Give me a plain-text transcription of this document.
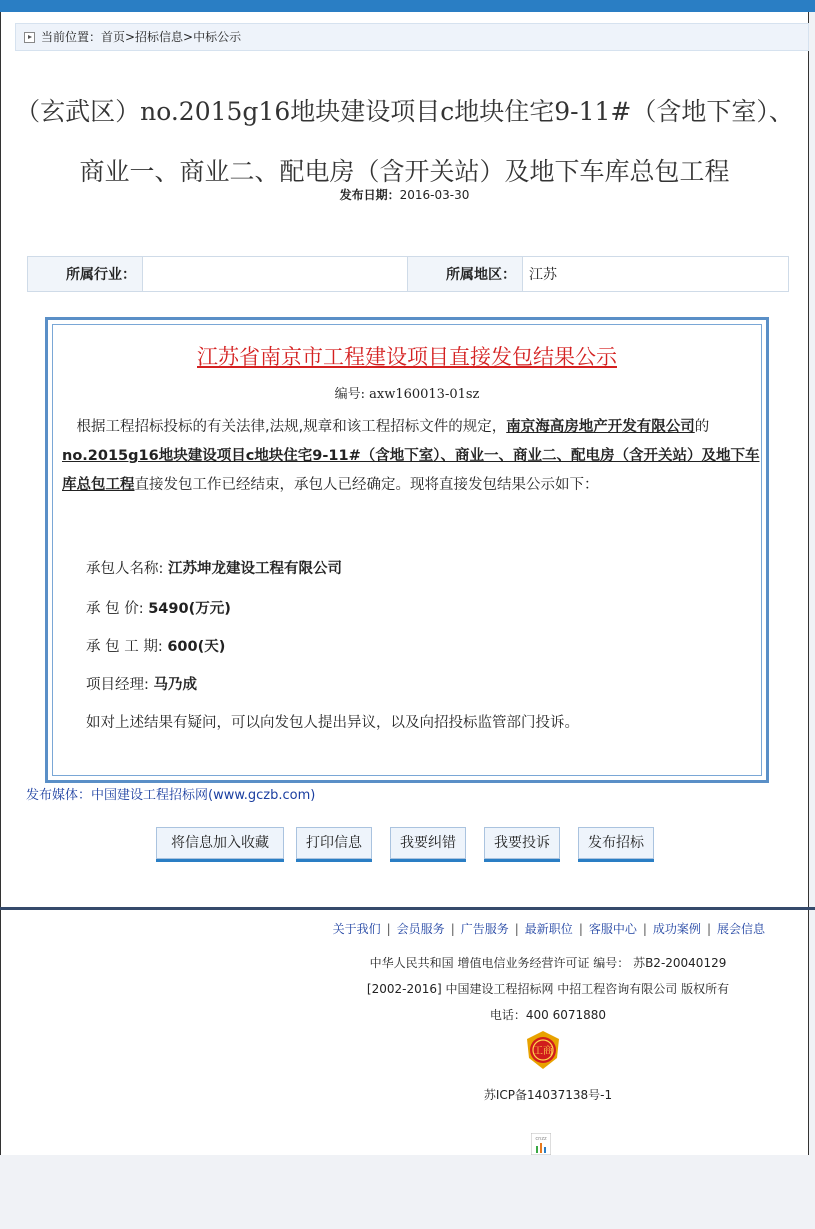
当前位置：首页>招标信息>中标公示
（玄武区）no.2015g16地块建设项目c地块住宅9-11#（含地下室）、
商业一、商业二、配电房（含开关站）及地下车库总包工程
发布日期：2016-03-30
所属行业：		所属地区：	江苏
江苏省南京市工程建设项目直接发包结果公示
编号: axw160013-01sz
　根据工程招标投标的有关法律,法规,规章和该工程招标文件的规定，南京海高房地产开发有限公司的no.2015g16地块建设项目c地块住宅9-11#（含地下室）、商业一、商业二、配电房（含开关站）及地下车库总包工程直接发包工作已经结束，承包人已经确定。现将直接发包结果公示如下：
承包人名称: 江苏坤龙建设工程有限公司
承 包 价: 5490(万元)
承 包 工 期: 600(天)
项目经理: 马乃成
如对上述结果有疑问，可以向发包人提出异议，以及向招投标监管部门投诉。
发布媒体：中国建设工程招标网(www.gczb.com)
将信息加入收藏	打印信息	我要纠错	我要投诉	发布招标
关于我们 | 会员服务 | 广告服务 | 最新职位 | 客服中心 | 成功案例 | 展会信息
中华人民共和国 增值电信业务经营许可证 编号： 苏B2-20040129
[2002-2016] 中国建设工程招标网 中招工程咨询有限公司 版权所有
电话：400 6071880
苏ICP备14037138号-1
工商
cnzz
